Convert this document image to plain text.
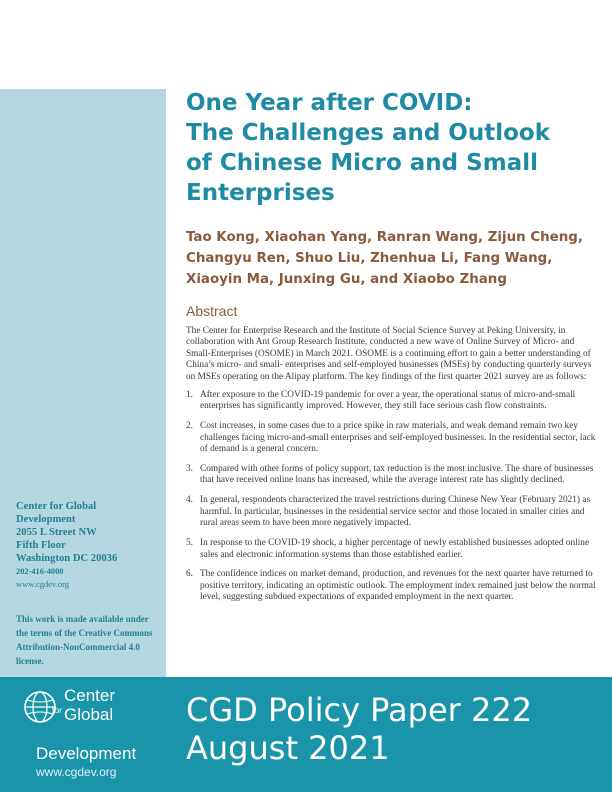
Center for Global
Development
2055 L Street NW
Fifth Floor
Washington DC 20036
202-416-4000
www.cgdev.org
This work is made available under the terms of the Creative Commons Attribution-NonCommercial 4.0 license.
One Year after COVID:
The Challenges and Outlook
of Chinese Micro and Small
Enterprises
Tao Kong, Xiaohan Yang, Ranran Wang, Zijun Cheng,
Changyu Ren, Shuo Liu, Zhenhua Li, Fang Wang,
Xiaoyin Ma, Junxing Gu, and Xiaobo Zhang
Abstract

The Center for Enterprise Research and the Institute of Social Science Survey at Peking University, in collaboration with Ant Group Research Institute, conducted a new wave of Online Survey of Micro- and Small-Enterprises (OSOME) in March 2021. OSOME is a continuing effort to gain a better understanding of China’s micro- and small- enterprises and self-employed businesses (MSEs) by conducting quarterly surveys on MSEs operating on the Alipay platform. The key findings of the first quarter 2021 survey are as follows:

1. After exposure to the COVID-19 pandemic for over a year, the operational status of micro-and-small enterprises has significantly improved. However, they still face serious cash flow constraints.
2. Cost increases, in some cases due to a price spike in raw materials, and weak demand remain two key challenges facing micro-and-small enterprises and self-employed businesses. In the residential sector, lack of demand is a general concern.
3. Compared with other forms of policy support, tax reduction is the most inclusive. The share of businesses that have received online loans has increased, while the average interest rate has slightly declined.
4. In general, respondents characterized the travel restrictions during Chinese New Year (February 2021) as harmful. In particular, businesses in the residential service sector and those located in smaller cities and rural areas seem to have been more negatively impacted.
5. In response to the COVID-19 shock, a higher percentage of newly established businesses adopted online sales and electronic information systems than those established earlier.
6. The confidence indices on market demand, production, and revenues for the next quarter have returned to positive territory, indicating an optimistic outlook. The employment index remained just below the normal level, suggesting subdued expectations of expanded employment in the next quarter.
Center
Global
for
Development
www.cgdev.org
CGD Policy Paper 222
August 2021
